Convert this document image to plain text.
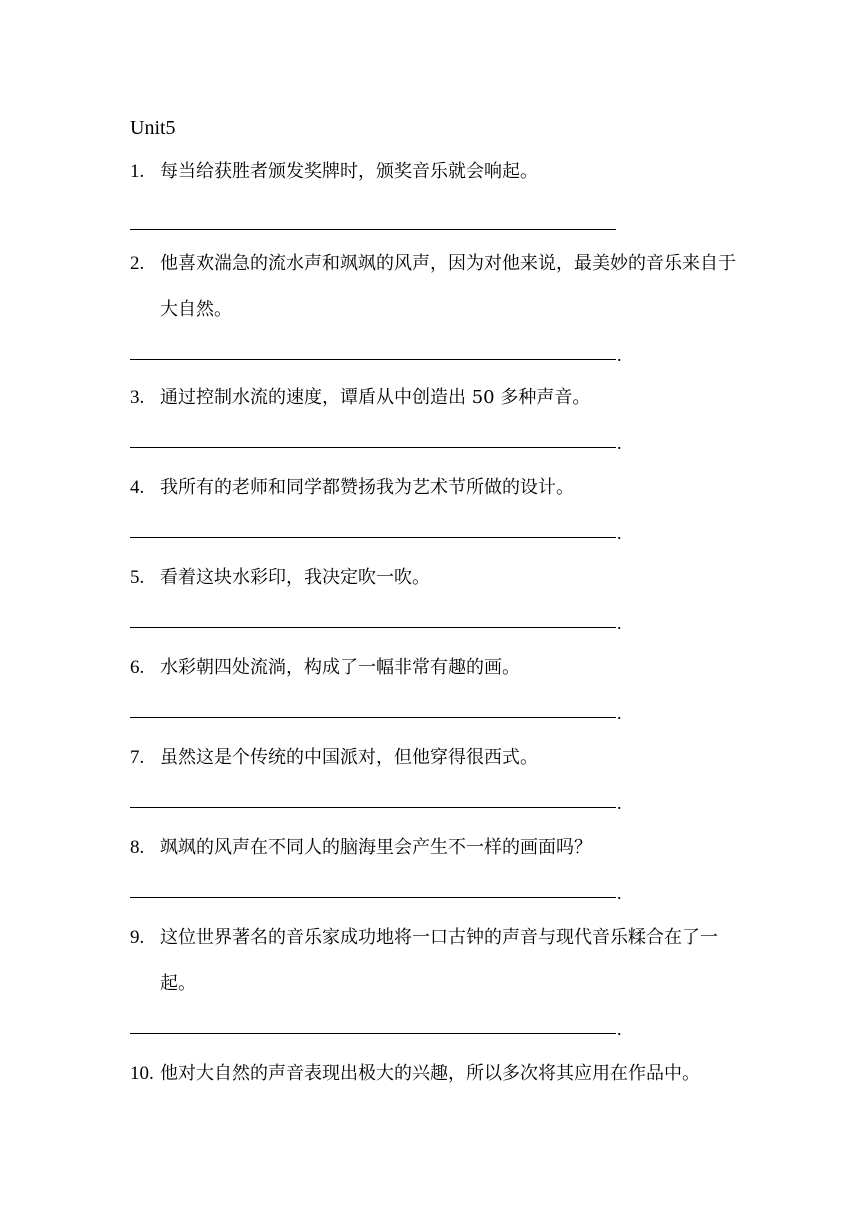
Unit5
1. 每当给获胜者颁发奖牌时，颁奖音乐就会响起。
2. 他喜欢湍急的流水声和飒飒的风声，因为对他来说，最美妙的音乐来自于大自然。
.
3. 通过控制水流的速度，谭盾从中创造出 50 多种声音。
.
4. 我所有的老师和同学都赞扬我为艺术节所做的设计。
.
5. 看着这块水彩印，我决定吹一吹。
.
6. 水彩朝四处流淌，构成了一幅非常有趣的画。
.
7. 虽然这是个传统的中国派对，但他穿得很西式。
.
8. 飒飒的风声在不同人的脑海里会产生不一样的画面吗？
.
9. 这位世界著名的音乐家成功地将一口古钟的声音与现代音乐糅合在了一起。
.
10. 他对大自然的声音表现出极大的兴趣，所以多次将其应用在作品中。
